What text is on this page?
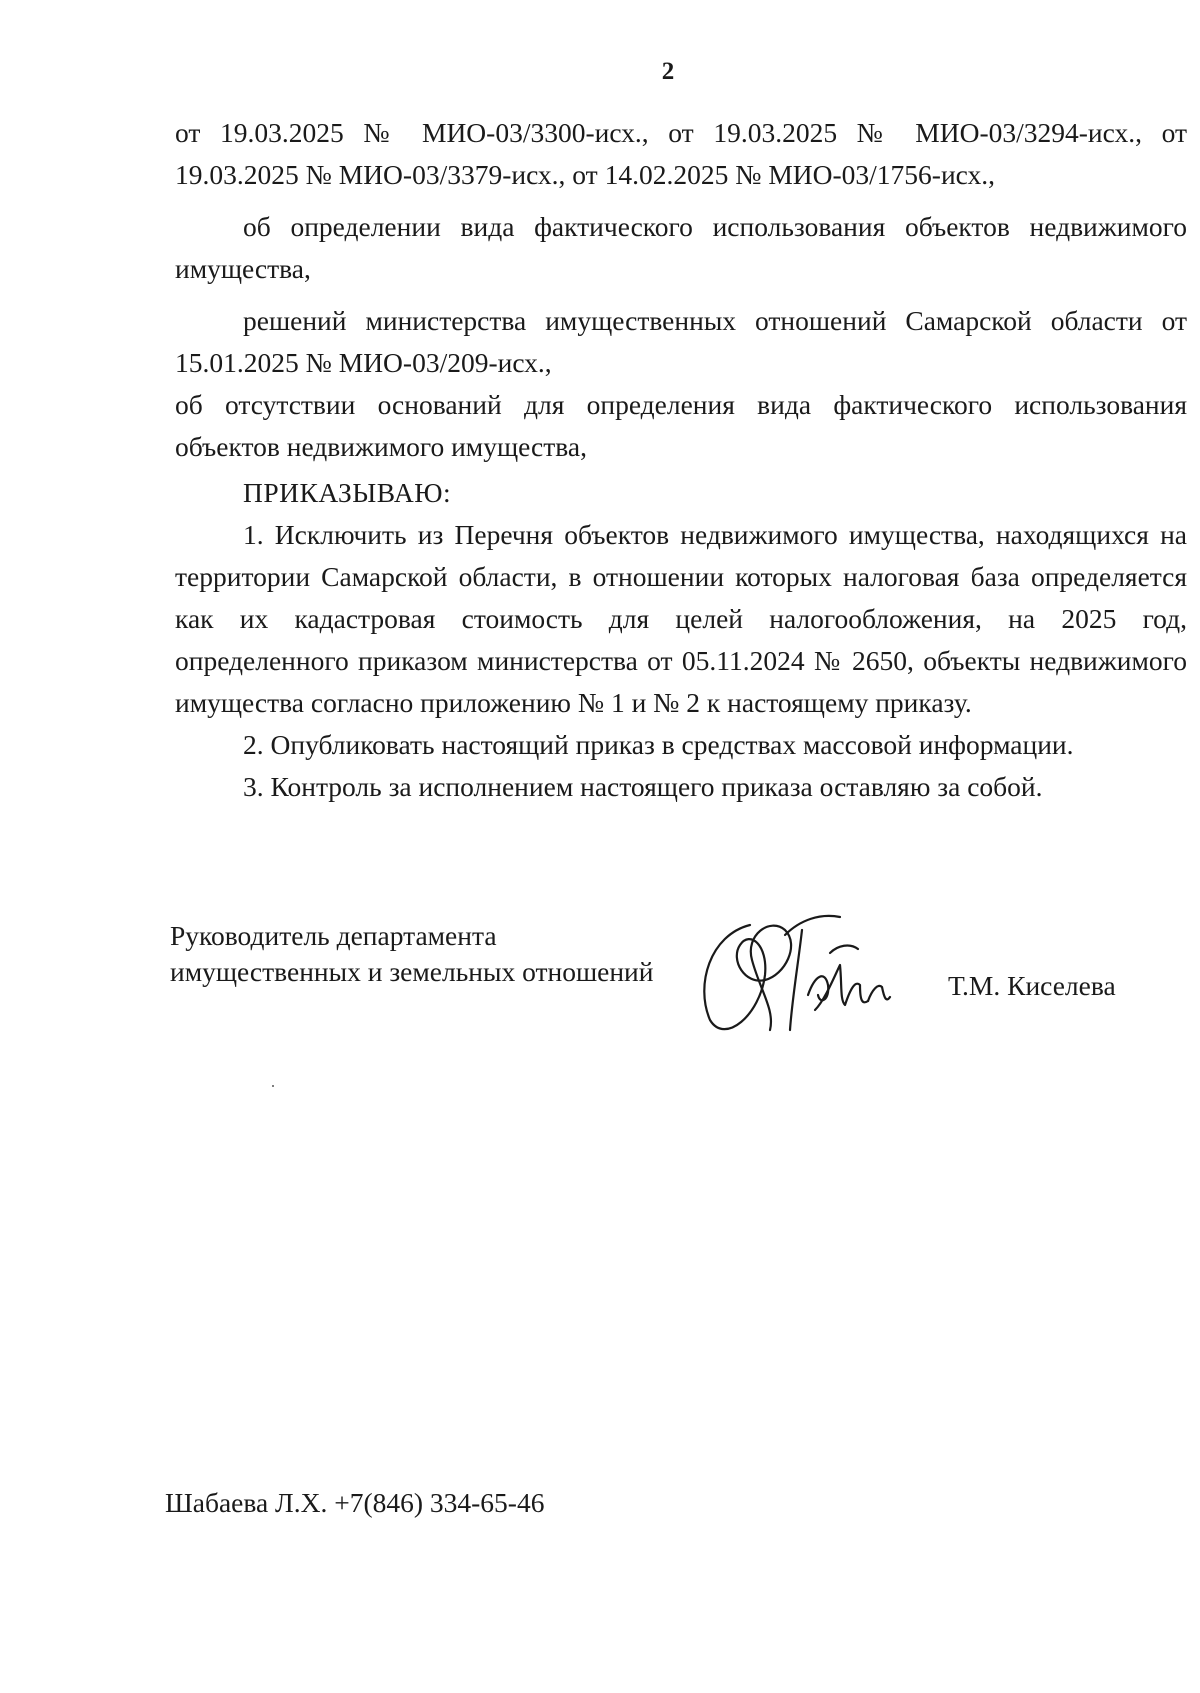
2

от 19.03.2025 № МИО-03/3300-исх., от 19.03.2025 № МИО-03/3294-исх., от 19.03.2025 № МИО-03/3379-исх., от 14.02.2025 № МИО-03/1756-исх.,

об определении вида фактического использования объектов недвижимого имущества,

решений министерства имущественных отношений Самарской области от 15.01.2025 № МИО-03/209-исх.,

об отсутствии оснований для определения вида фактического использования объектов недвижимого имущества,

ПРИКАЗЫВАЮ:

1. Исключить из Перечня объектов недвижимого имущества, находящихся на территории Самарской области, в отношении которых налоговая база определяется как их кадастровая стоимость для целей налогообложения, на 2025 год, определенного приказом министерства от 05.11.2024 № 2650, объекты недвижимого имущества согласно приложению № 1 и № 2 к настоящему приказу.

2. Опубликовать настоящий приказ в средствах массовой информации.

3. Контроль за исполнением настоящего приказа оставляю за собой.

Руководитель департамента
имущественных и земельных отношений	Т.М. Киселева
Шабаева Л.Х. +7(846) 334-65-46
